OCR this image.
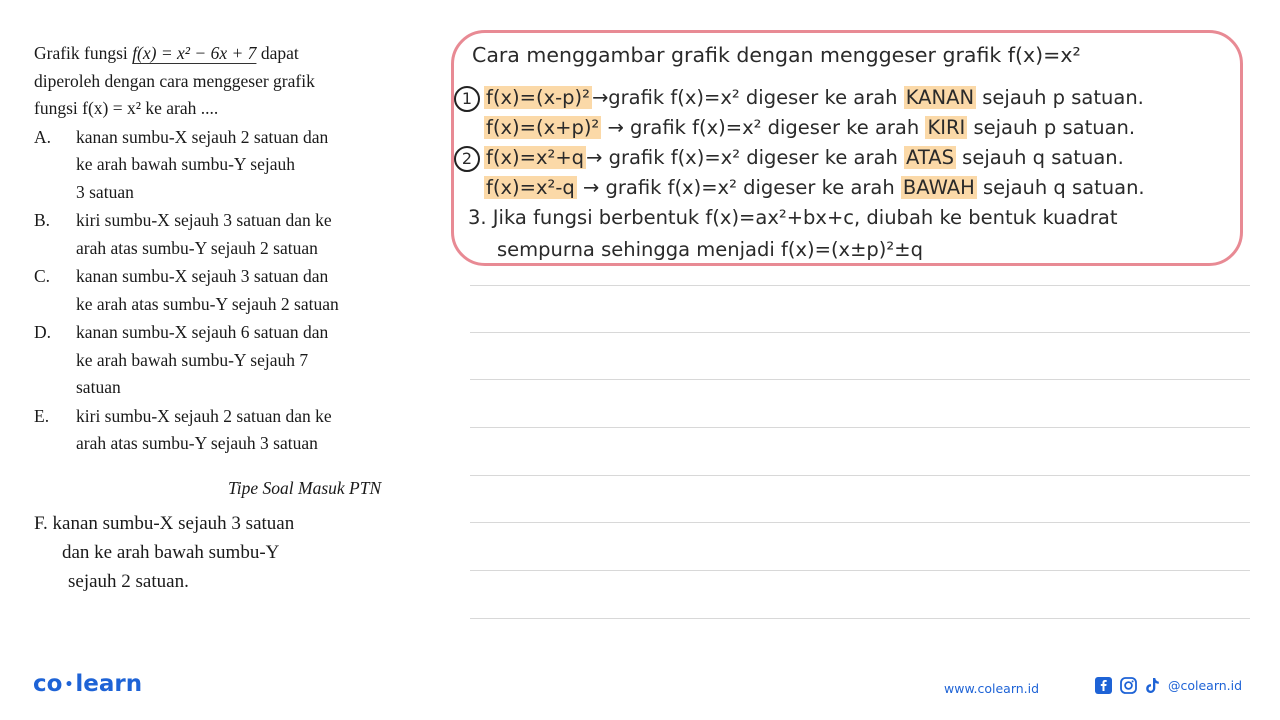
Grafik fungsi f(x) = x² − 6x + 7 dapat

diperoleh dengan cara menggeser grafik

fungsi f(x) = x² ke arah ....

A.	kanan sumbu-X sejauh 2 satuan dan
ke arah bawah sumbu-Y sejauh
3 satuan
B.	kiri sumbu-X sejauh 3 satuan dan ke
arah atas sumbu-Y sejauh 2 satuan
C.	kanan sumbu-X sejauh 3 satuan dan
ke arah atas sumbu-Y sejauh 2 satuan
D.	kanan sumbu-X sejauh 6 satuan dan
ke arah bawah sumbu-Y sejauh 7
satuan
E.	kiri sumbu-X sejauh 2 satuan dan ke
arah atas sumbu-Y sejauh 3 satuan
Tipe Soal Masuk PTN
F. kanan sumbu-X sejauh 3 satuan
dan ke arah bawah sumbu-Y
sejauh 2 satuan.
Cara menggambar grafik dengan menggeser grafik f(x)=x²
1 f(x)=(x-p)² →grafik f(x)=x² digeser ke arah KANAN sejauh p satuan.
f(x)=(x+p)² → grafik f(x)=x² digeser ke arah KIRI sejauh p satuan.
2 f(x)=x²+q → grafik f(x)=x² digeser ke arah ATAS sejauh q satuan.
f(x)=x²-q → grafik f(x)=x² digeser ke arah BAWAH sejauh q satuan.
3. Jika fungsi berbentuk f(x)=ax²+bx+c, diubah ke bentuk kuadrat
sempurna sehingga menjadi f(x)=(x±p)²±q
co •learn	www.colearn.id	@colearn.id
